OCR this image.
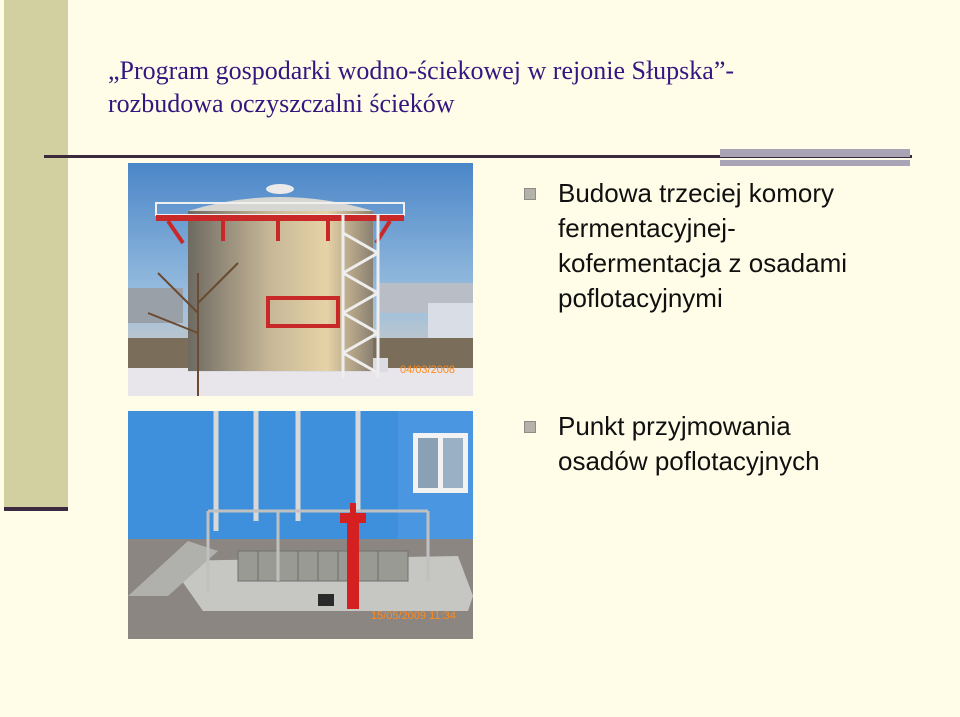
„Program gospodarki wodno-ściekowej w rejonie Słupska”-
rozbudowa oczyszczalni ścieków
04/03/2008
15/05/2009 11:34
Budowa trzeciej komory
fermentacyjnej-
kofermentacja z osadami
poflotacyjnymi
Punkt przyjmowania
osadów poflotacyjnych
